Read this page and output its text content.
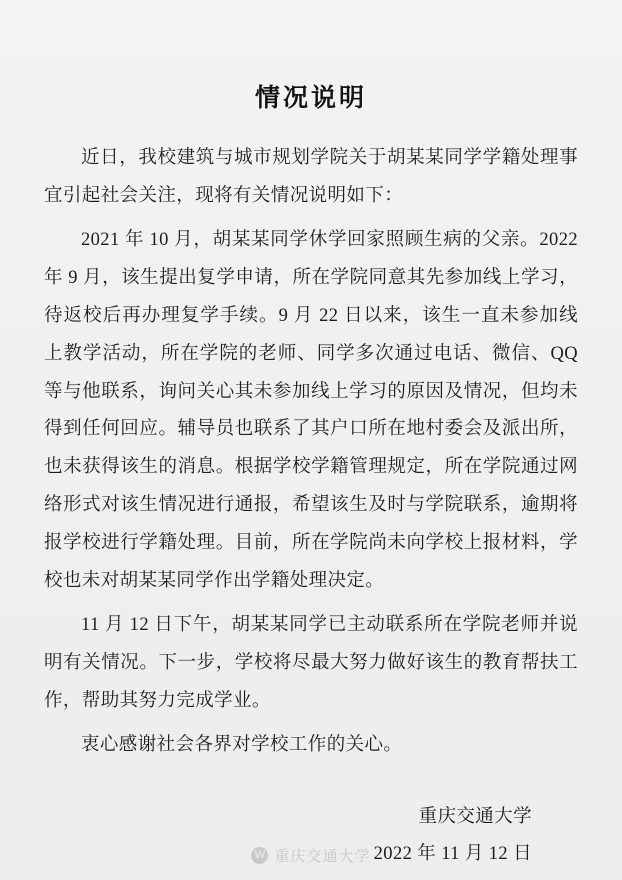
情况说明

近日，我校建筑与城市规划学院关于胡某某同学学籍处理事宜引起社会关注，现将有关情况说明如下：

2021 年 10 月，胡某某同学休学回家照顾生病的父亲。2022 年 9 月，该生提出复学申请，所在学院同意其先参加线上学习，待返校后再办理复学手续。9 月 22 日以来，该生一直未参加线上教学活动，所在学院的老师、同学多次通过电话、微信、QQ 等与他联系，询问关心其未参加线上学习的原因及情况，但均未得到任何回应。辅导员也联系了其户口所在地村委会及派出所，也未获得该生的消息。根据学校学籍管理规定，所在学院通过网络形式对该生情况进行通报，希望该生及时与学院联系，逾期将报学校进行学籍处理。目前，所在学院尚未向学校上报材料，学校也未对胡某某同学作出学籍处理决定。

11 月 12 日下午，胡某某同学已主动联系所在学院老师并说明有关情况。下一步，学校将尽最大努力做好该生的教育帮扶工作，帮助其努力完成学业。

衷心感谢社会各界对学校工作的关心。

重庆交通大学
2022 年 11 月 12 日
W 重庆交通大学
